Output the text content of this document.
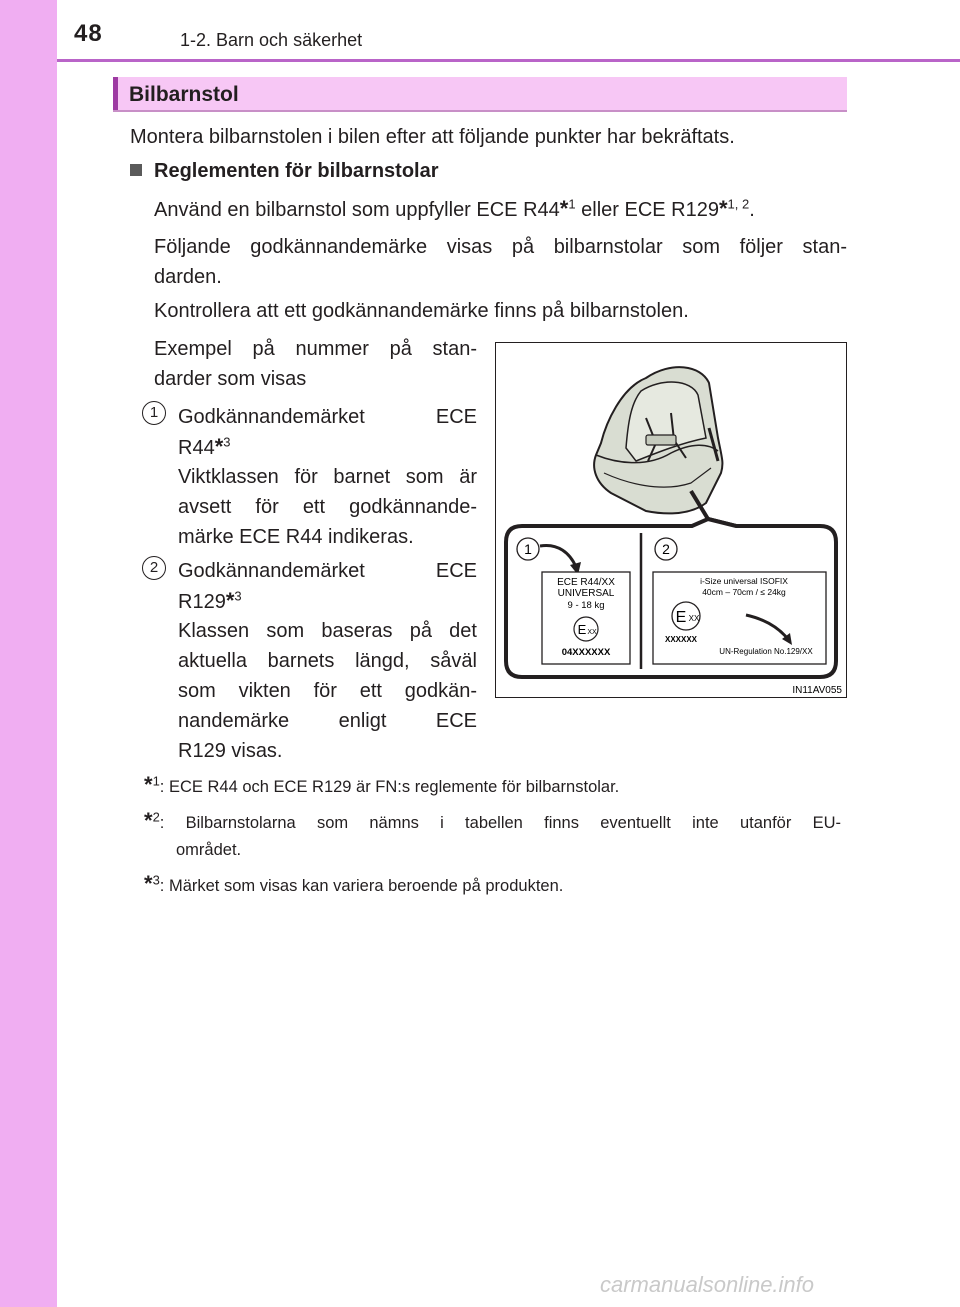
48	1-2. Barn och säkerhet
Bilbarnstol
Montera bilbarnstolen i bilen efter att följande punkter har bekräftats.
Reglementen för bilbarnstolar
Använd en bilbarnstol som uppfyller ECE R44*$^1$ eller ECE R129*$^{1, 2}$.
Följande godkännandemärke visas på bilbarnstolar som följer stan-
darden.
Kontrollera att ett godkännandemärke finns på bilbarnstolen.
Exempel på nummer på stan-
darder som visas
1 Godkännandemärket ECE
R44*$^3$
Viktklassen för barnet som är
avsett för ett godkännande-
märke ECE R44 indikeras.
2 Godkännandemärket ECE
R129*$^3$
Klassen som baseras på det
aktuella barnets längd, såväl
som vikten för ett godkän-
nandemärke enligt ECE
R129 visas.
1	2
ECE R44/XX
UNIVERSAL
9 - 18 kg
E XX
04XXXXXX
i-Size universal ISOFIX
40cm – 70cm / ≤ 24kg
E XX
XXXXXX
UN-Regulation No.129/XX
IN11AV055
*$^1$: ECE R44 och ECE R129 är FN:s reglemente för bilbarnstolar.
*$^2$: Bilbarnstolarna som nämns i tabellen finns eventuellt inte utanför EU-
området.
*$^3$: Märket som visas kan variera beroende på produkten.
carmanualsonline.info
